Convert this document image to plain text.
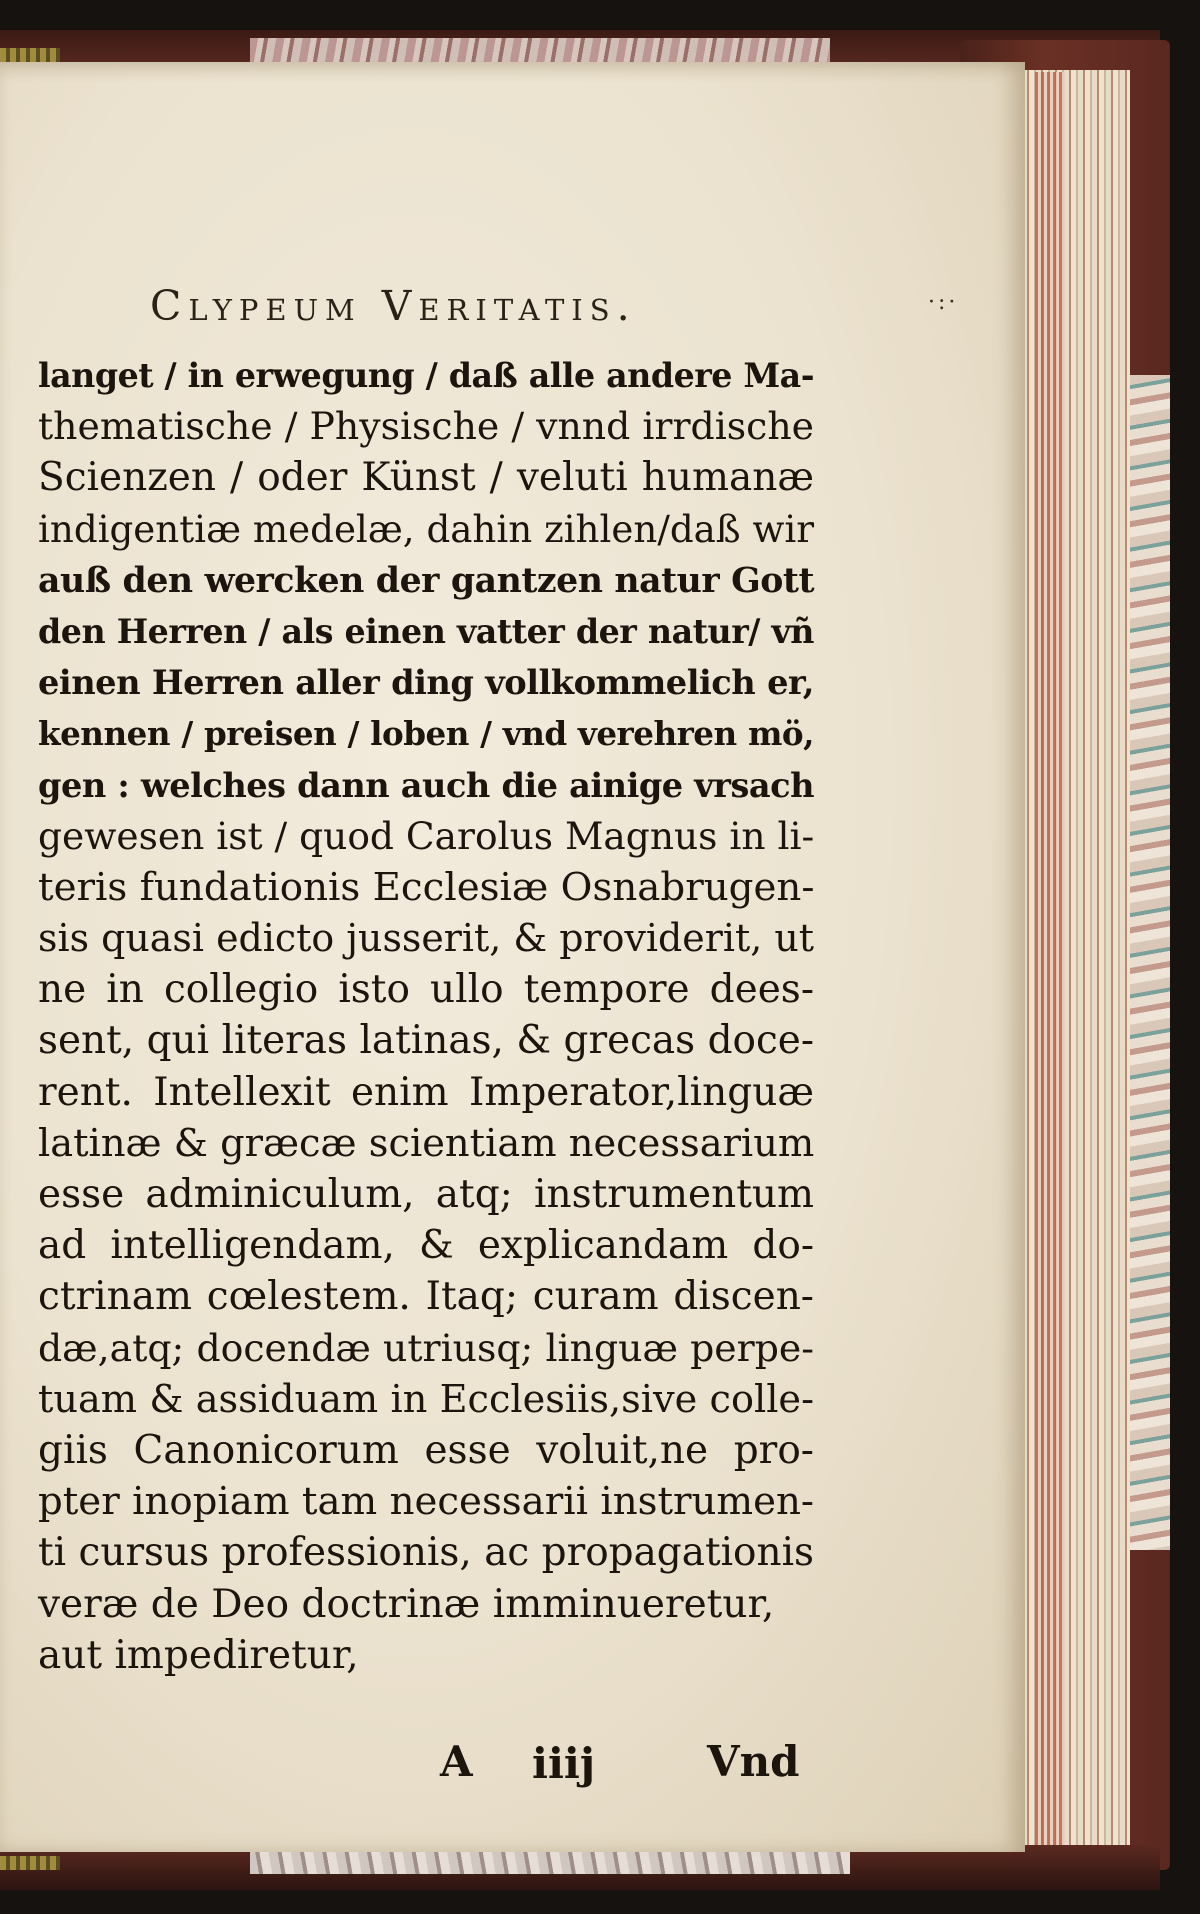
Clypeum Veritatis.	·:·
langet / in erwegung / daß alle andere Ma-
thematische / Physische / vnnd irrdische
Scienzen / oder Künst / veluti humanæ
indigentiæ medelæ, dahin zihlen/daß wir
auß den wercken der gantzen natur Gott
den Herren / als einen vatter der natur/ vñ
einen Herren aller ding vollkommelich er,
kennen / preisen / loben / vnd verehren mö,
gen : welches dann auch die ainige vrsach
gewesen ist / quod Carolus Magnus in li-
teris fundationis Ecclesiæ Osnabrugen-
sis quasi edicto jusserit, & providerit, ut
ne in collegio isto ullo tempore dees-
sent, qui literas latinas, & grecas doce-
rent. Intellexit enim Imperator,linguæ
latinæ & græcæ scientiam necessarium
esse adminiculum, atq; instrumentum
ad intelligendam, & explicandam do-
ctrinam cœlestem. Itaq; curam discen-
dæ,atq; docendæ utriusq; linguæ perpe-
tuam & assiduam in Ecclesiis,sive colle-
giis Canonicorum esse voluit,ne pro-
pter inopiam tam necessarii instrumen-
ti cursus professionis, ac propagationis
veræ de Deo doctrinæ imminueretur,
aut impediretur,
A iiij	Vnd
